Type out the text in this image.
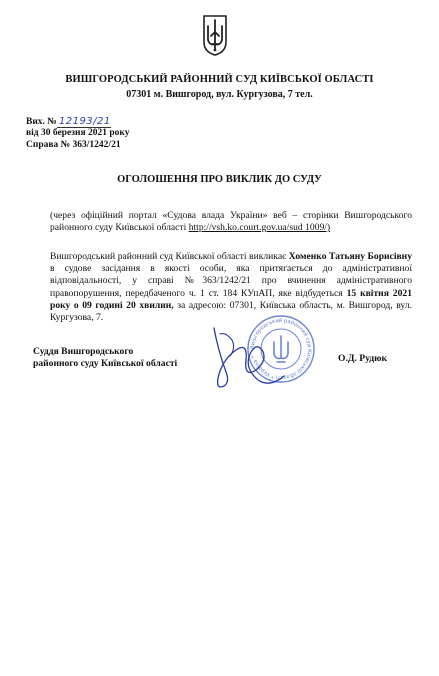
ВИШГОРОДСЬКИЙ РАЙОННИЙ СУД КИЇВСЬКОЇ ОБЛАСТІ
07301 м. Вишгород, вул. Кургузова, 7 тел.
Вих. № 12193/21
від 30 березня 2021 року
Справа № 363/1242/21
ОГОЛОШЕННЯ ПРО ВИКЛИК ДО СУДУ
(через офіційний портал «Судова влада України» веб – сторінки Вишгородського районного суду Київської області http://vsh.ko.court.gov.ua/sud 1009/)
Вишгородський районний суд Київської області викликає Хоменко Татьяну Борисівну в судове засідання в якості особи, яка притягається до адміністративної відповідальності, у справі №363/1242/21 про вчинення адміністративного правопорушення, передбаченого ч. 1 ст. 184 КУпАП, яке відбудеться 15 квітня 2021 року о 09 годині 20 хвилин, за адресою: 07301, Київська область, м. Вишгород, вул. Кургузова, 7.
Суддя Вишгородського
районного суду Київської області
Вишгородський районний суд Київської області * Україна *	О.Д. Рудюк
